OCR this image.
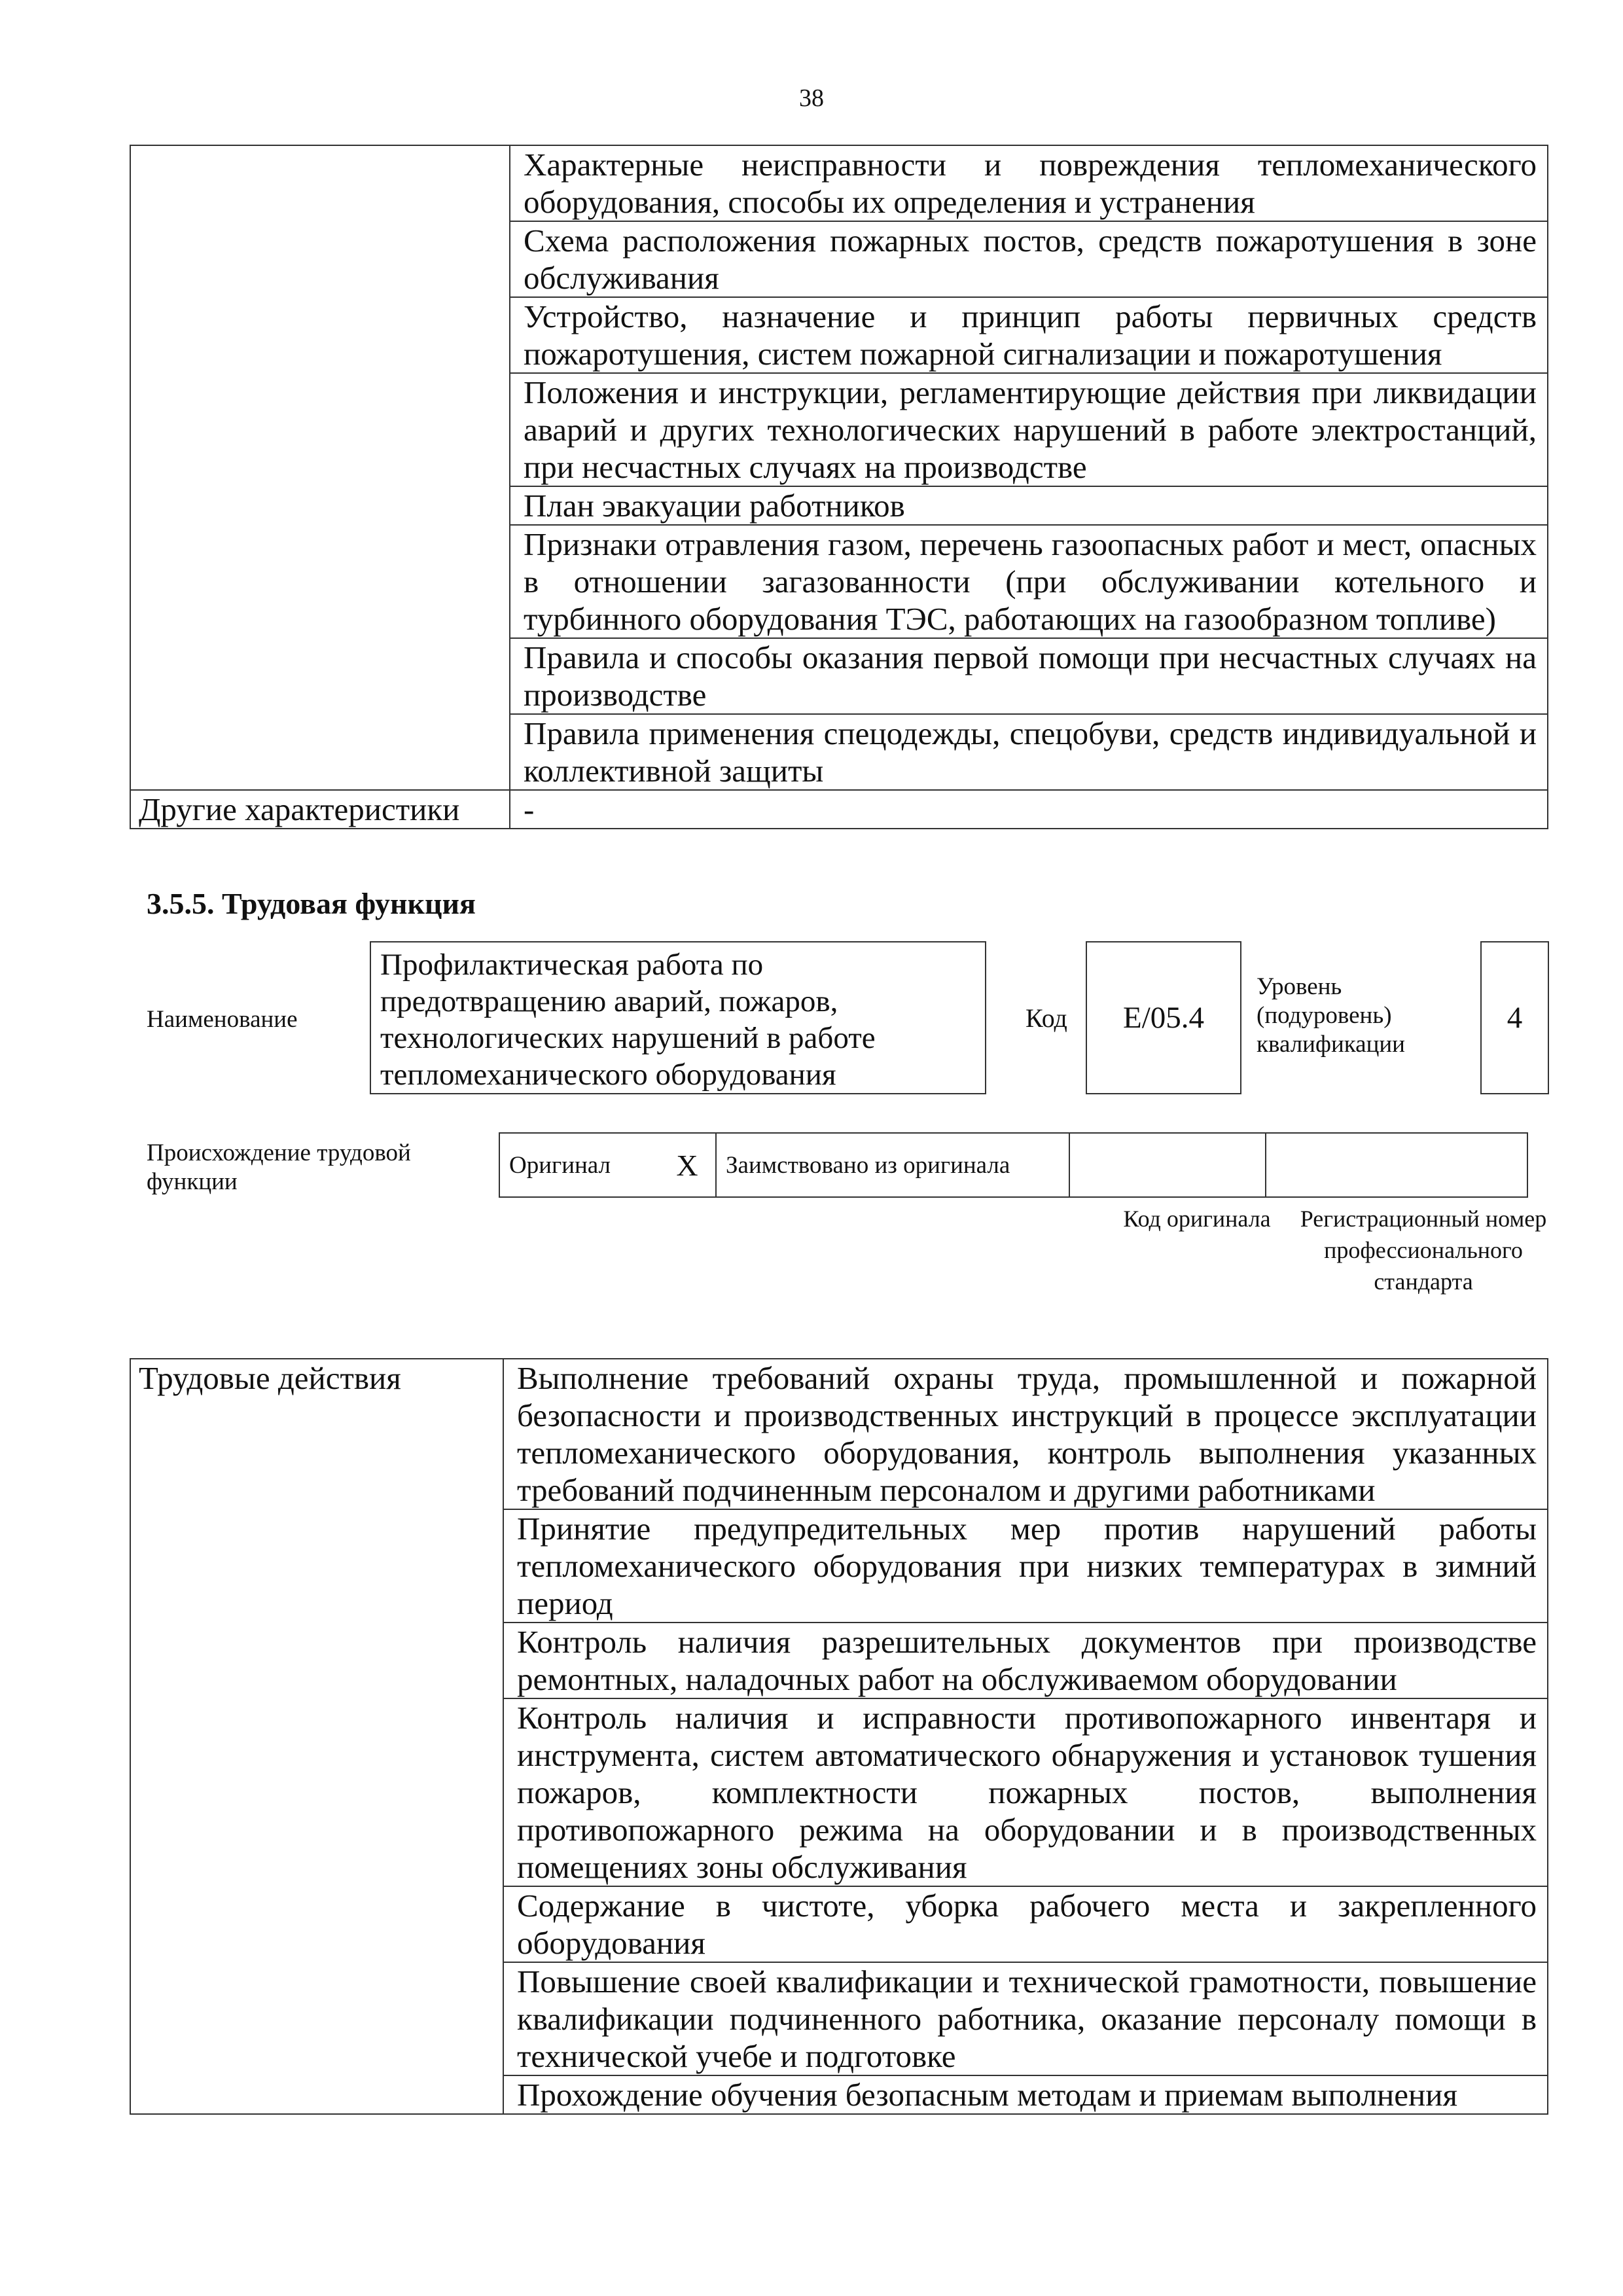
38
	Характерные неисправности и повреждения тепломеханического оборудования, способы их определения и устранения
	Схема расположения пожарных постов, средств пожаротушения в зоне обслуживания
	Устройство, назначение и принцип работы первичных средств пожаротушения, систем пожарной сигнализации и пожаротушения
	Положения и инструкции, регламентирующие действия при ликвидации аварий и других технологических нарушений в работе электростанций, при несчастных случаях на производстве
	План эвакуации работников
	Признаки отравления газом, перечень газоопасных работ и мест, опасных в отношении загазованности (при обслуживании котельного и турбинного оборудования ТЭС, работающих на газообразном топливе)
	Правила и способы оказания первой помощи при несчастных случаях на производстве
	Правила применения спецодежды, спецобуви, средств индивидуальной и коллективной защиты
Другие характеристики	-
3.5.5. Трудовая функция
Наименование
Профилактическая работа по предотвращению аварий, пожаров, технологических нарушений в работе тепломеханического оборудования
Код	E/05.4
Уровень (подуровень) квалификации
4
Происхождение трудовой функции
Оригинал	X	Заимствовано из оригинала		
Код оригинала	Регистрационный номер профессионального стандарта
Трудовые действия	Выполнение требований охраны труда, промышленной и пожарной безопасности и производственных инструкций в процессе эксплуатации тепломеханического оборудования, контроль выполнения указанных требований подчиненным персоналом и другими работниками
Принятие предупредительных мер против нарушений работы тепломеханического оборудования при низких температурах в зимний период
Контроль наличия разрешительных документов при производстве ремонтных, наладочных работ на обслуживаемом оборудовании
Контроль наличия и исправности противопожарного инвентаря и инструмента, систем автоматического обнаружения и установок тушения пожаров, комплектности пожарных постов, выполнения противопожарного режима на оборудовании и в производственных помещениях зоны обслуживания
Содержание в чистоте, уборка рабочего места и закрепленного оборудования
Повышение своей квалификации и технической грамотности, повышение квалификации подчиненного работника, оказание персоналу помощи в технической учебе и подготовке
Прохождение обучения безопасным методам и приемам выполнения
